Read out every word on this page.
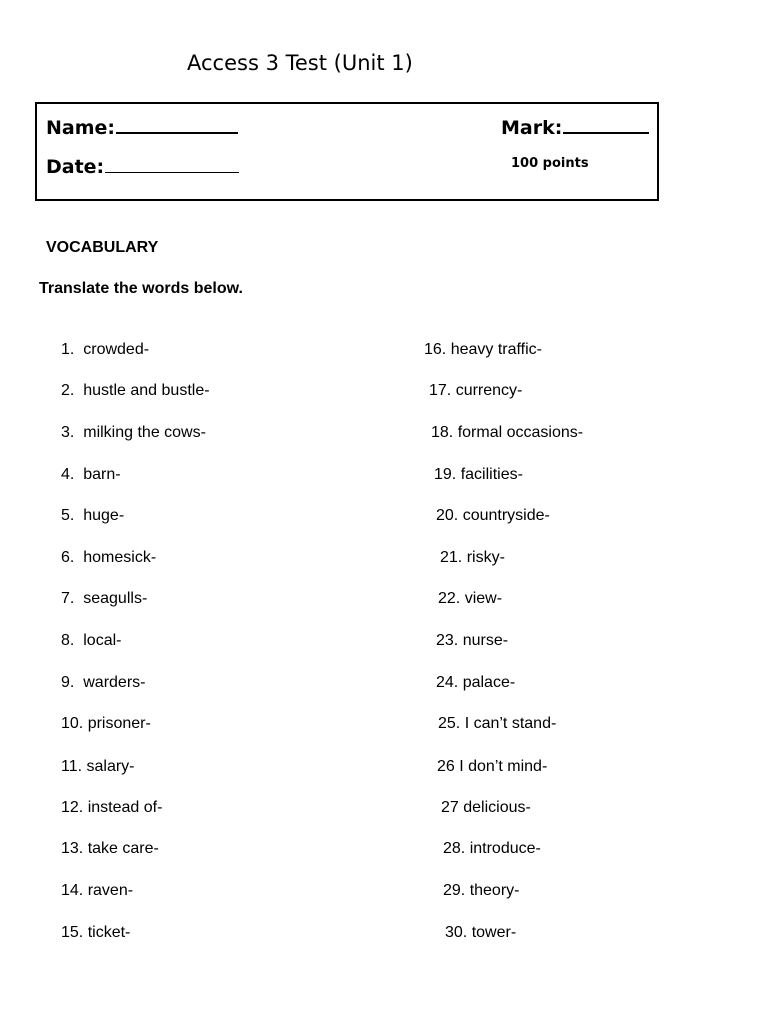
Access 3 Test (Unit 1)
Name:	Mark:
Date:	100 points
VOCABULARY
Translate the words below.
1.  crowded-
2.  hustle and bustle-
3.  milking the cows-
4.  barn-
5.  huge-
6.  homesick-
7.  seagulls-
8.  local-
9.  warders-
10. prisoner-
11. salary-
12. instead of-
13. take care-
14. raven-
15. ticket-
16. heavy traffic-
17. currency-
18. formal occasions-
19. facilities-
20. countryside-
21. risky-
22. view-
23. nurse-
24. palace-
25. I can’t stand-
26 I don’t mind-
27 delicious-
28. introduce-
29. theory-
30. tower-
